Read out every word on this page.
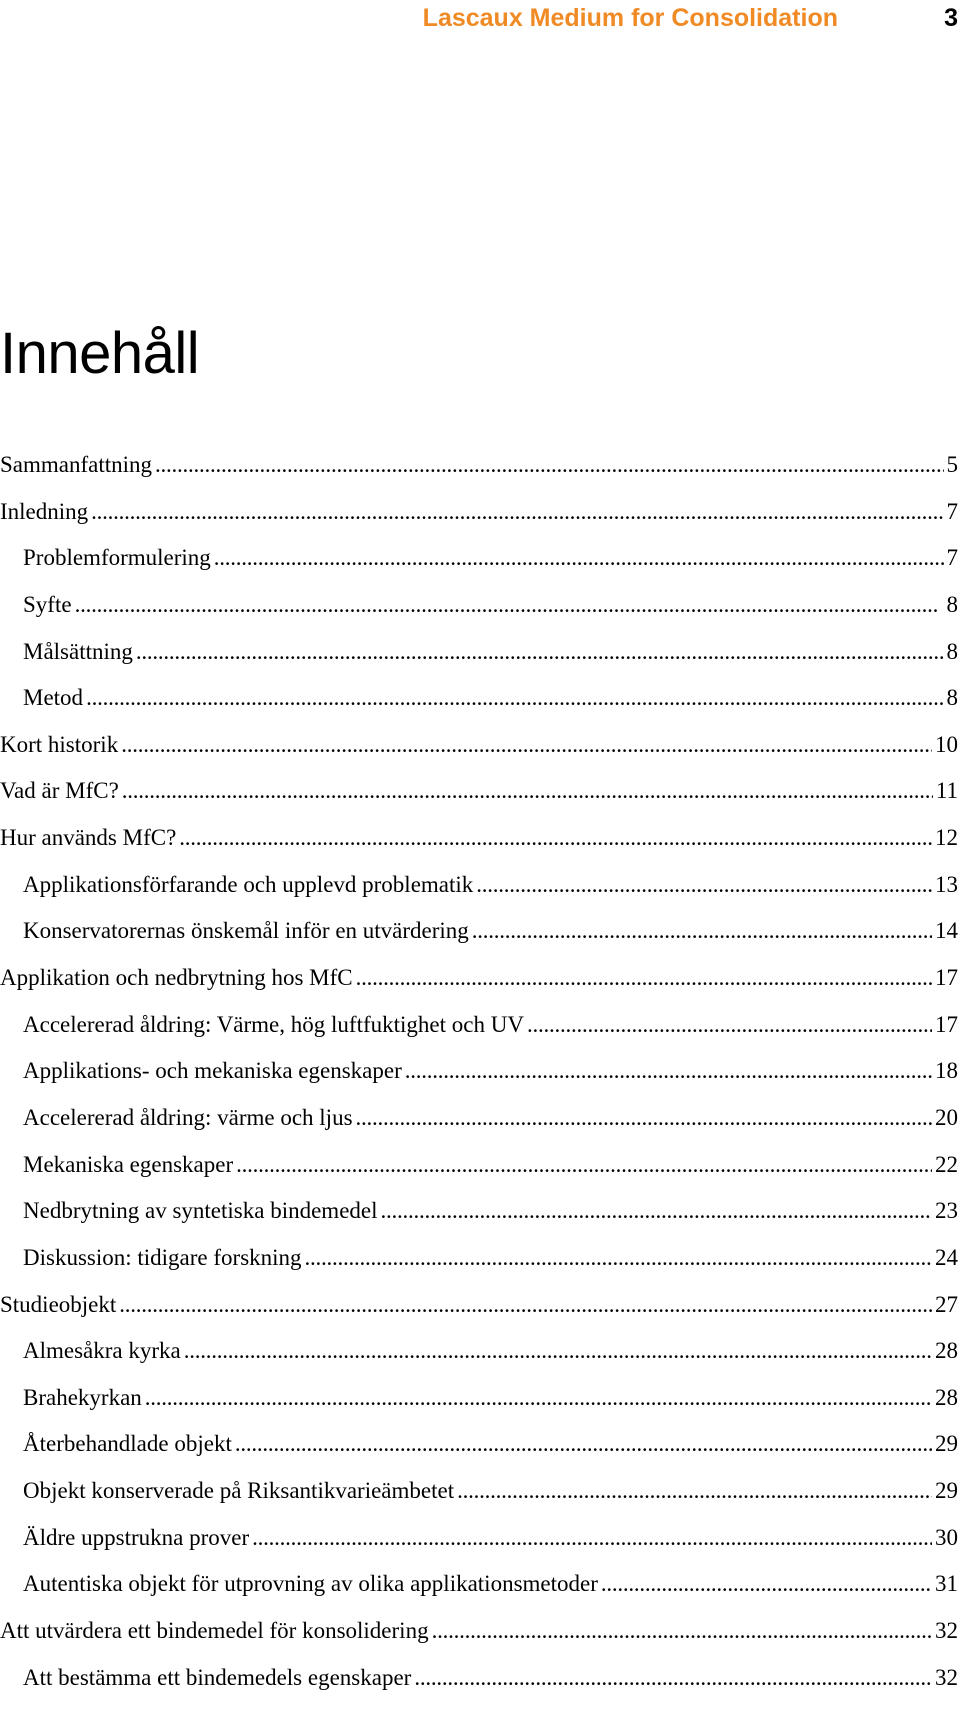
Lascaux Medium for Consolidation	3
Innehåll
Sammanfattning . . .	5
Inledning . . .	7
Problemformulering . . .	7
Syfte . . .	8
Målsättning . . .	8
Metod . . .	8
Kort historik . . .	10
Vad är MfC? . . .	11
Hur används MfC? . . .	12
Applikationsförfarande och upplevd problematik . . .	13
Konservatorernas önskemål inför en utvärdering . . .	14
Applikation och nedbrytning hos MfC . . .	17
Accelererad åldring: Värme, hög luftfuktighet och UV . . .	17
Applikations- och mekaniska egenskaper . . .	18
Accelererad åldring: värme och ljus . . .	20
Mekaniska egenskaper . . .	22
Nedbrytning av syntetiska bindemedel . . .	23
Diskussion: tidigare forskning . . .	24
Studieobjekt . . .	27
Almesåkra kyrka . . .	28
Brahekyrkan . . .	28
Återbehandlade objekt . . .	29
Objekt konserverade på Riksantikvarieämbetet . . .	29
Äldre uppstrukna prover . . .	30
Autentiska objekt för utprovning av olika applikationsmetoder . . .	31
Att utvärdera ett bindemedel för konsolidering . . .	32
Att bestämma ett bindemedels egenskaper . . .	32
